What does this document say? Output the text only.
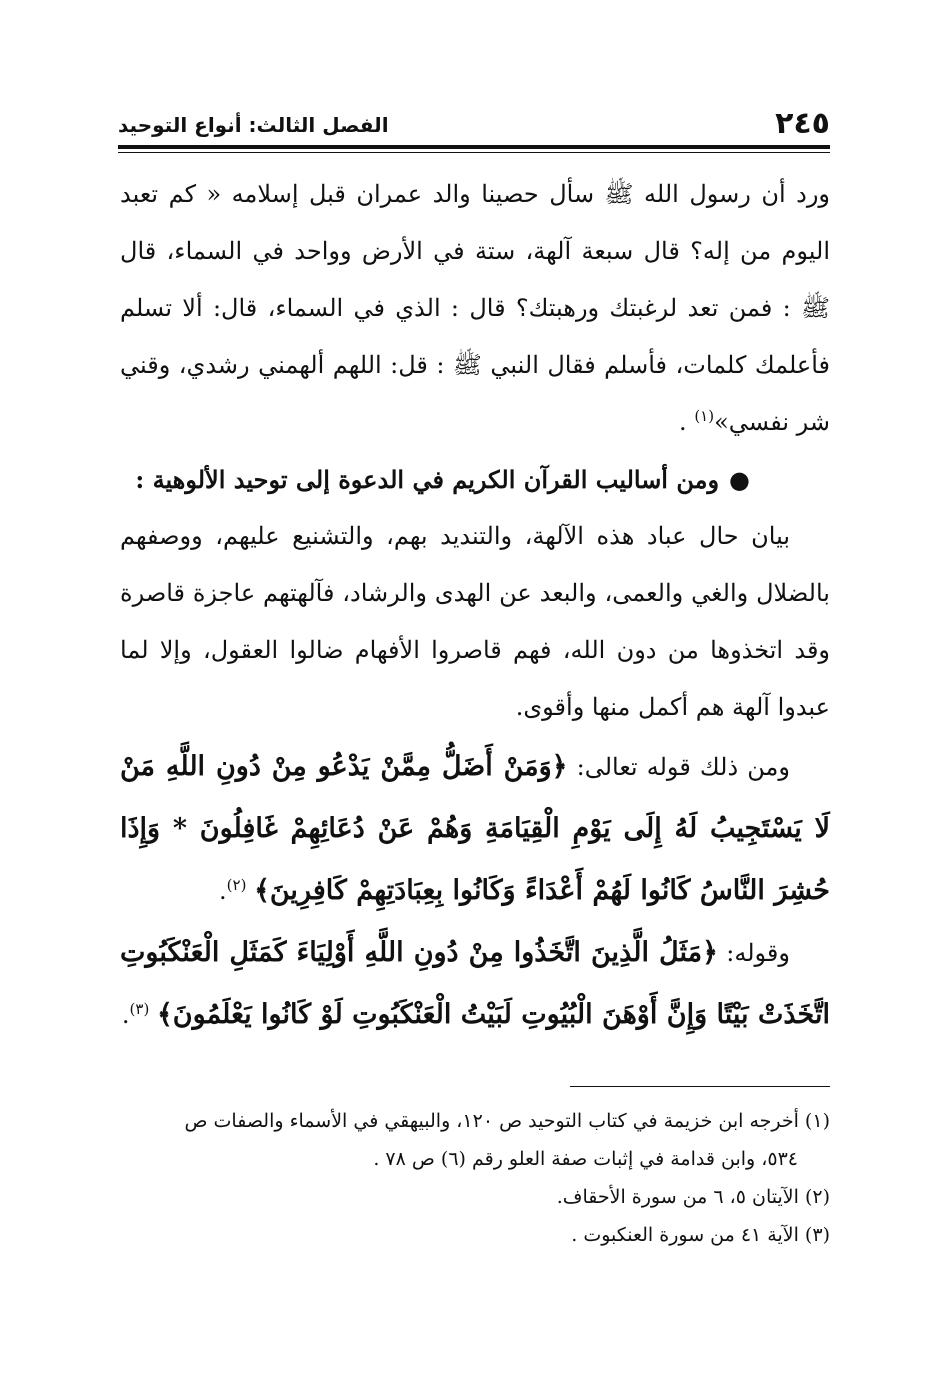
٢٤٥
الفصل الثالث: أنواع التوحيد

ورد أن رسول الله ﷺ سأل حصينا والد عمران قبل إسلامه « كم تعبد اليوم من إله؟ قال سبعة آلهة، ستة في الأرض وواحد في السماء، قال ﷺ : فمن تعد لرغبتك ورهبتك؟ قال : الذي في السماء، قال: ألا تسلم فأعلمك كلمات، فأسلم فقال النبي ﷺ : قل: اللهم ألهمني رشدي، وقني شر نفسي»$^{(١)}$ .

●ومن أساليب القرآن الكريم في الدعوة إلى توحيد الألوهية :

بيان حال عباد هذه الآلهة، والتنديد بهم، والتشنيع عليهم، ووصفهم بالضلال والغي والعمى، والبعد عن الهدى والرشاد، فآلهتهم عاجزة قاصرة وقد اتخذوها من دون الله، فهم قاصروا الأفهام ضالوا العقول، وإلا لما عبدوا آلهة هم أكمل منها وأقوى.

ومن ذلك قوله تعالى: ﴿وَمَنْ أَضَلُّ مِمَّنْ يَدْعُو مِنْ دُونِ اللَّهِ مَنْ لَا يَسْتَجِيبُ لَهُ إِلَى يَوْمِ الْقِيَامَةِ وَهُمْ عَنْ دُعَائِهِمْ غَافِلُونَ * وَإِذَا حُشِرَ النَّاسُ كَانُوا لَهُمْ أَعْدَاءً وَكَانُوا بِعِبَادَتِهِمْ كَافِرِينَ﴾ $^{(٢)}$.

وقوله: ﴿مَثَلُ الَّذِينَ اتَّخَذُوا مِنْ دُونِ اللَّهِ أَوْلِيَاءَ كَمَثَلِ الْعَنْكَبُوتِ اتَّخَذَتْ بَيْتًا وَإِنَّ أَوْهَنَ الْبُيُوتِ لَبَيْتُ الْعَنْكَبُوتِ لَوْ كَانُوا يَعْلَمُونَ﴾ $^{(٣)}$.

(١) أخرجه ابن خزيمة في كتاب التوحيد ص ١٢٠، والبيهقي في الأسماء والصفات ص

٥٣٤، وابن قدامة في إثبات صفة العلو رقم (٦) ص ٧٨ .

(٢) الآيتان ٥، ٦ من سورة الأحقاف.

(٣) الآية ٤١ من سورة العنكبوت .
